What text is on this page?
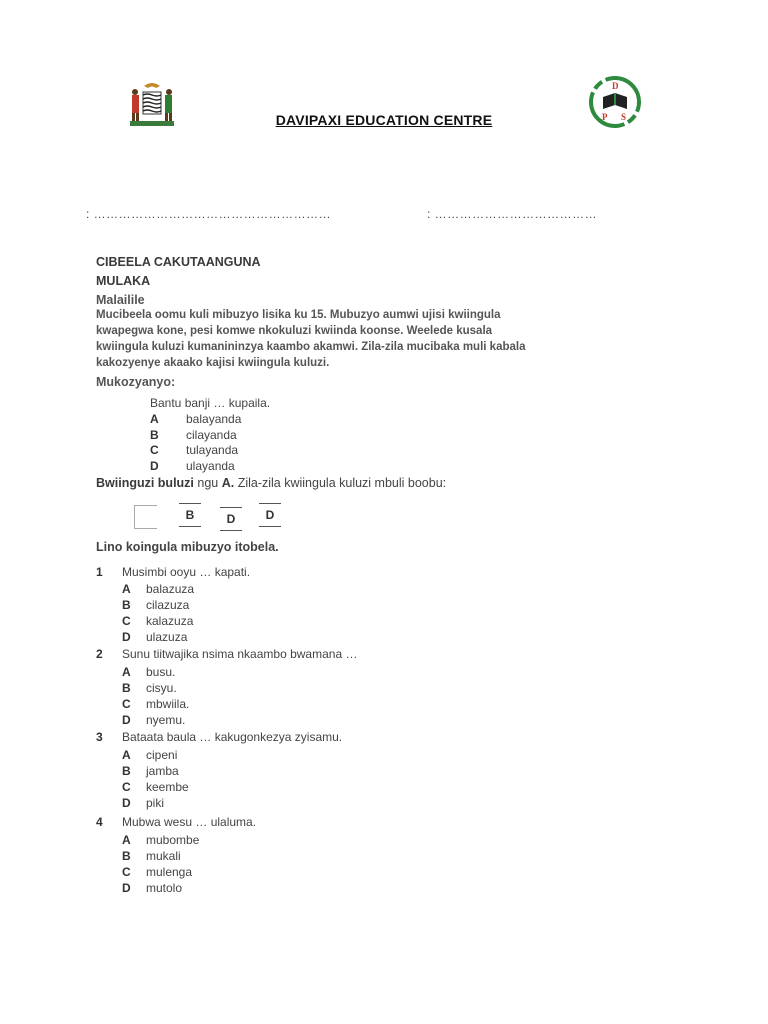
D
P S
DAVIPAXI EDUCATION CENTRE
: …………………………………………………	: …………………………………
CIBEELA CAKUTAANGUNA
MULAKA
Malailile
Mucibeela oomu kuli mibuzyo lisika ku 15. Mubuzyo aumwi ujisi kwiingula kwapegwa kone, pesi komwe nkokuluzi kwiinda koonse. Weelede kusala kwiingula kuluzi kumanininzya kaambo akamwi. Zila-zila mucibaka muli kabala kakozyenye akaako kajisi kwiingula kuluzi.
Mukozyanyo:
Bantu banji … kupaila.
A balayanda
B cilayanda
C tulayanda
D ulayanda
Bwiinguzi buluzi ngu A. Zila-zila kwiingula kuluzi mbuli boobu:
B	D	D
Lino koingula mibuzyo itobela.
1 Musimbi ooyu … kapati.
A balazuza
B cilazuza
C kalazuza
D ulazuza
2 Sunu tiitwajika nsima nkaambo bwamana …
A busu.
B cisyu.
C mbwiila.
D nyemu.
3 Bataata baula … kakugonkezya zyisamu.
A cipeni
B jamba
C keembe
D piki
4 Mubwa wesu … ulaluma.
A mubombe
B mukali
C mulenga
D mutolo
